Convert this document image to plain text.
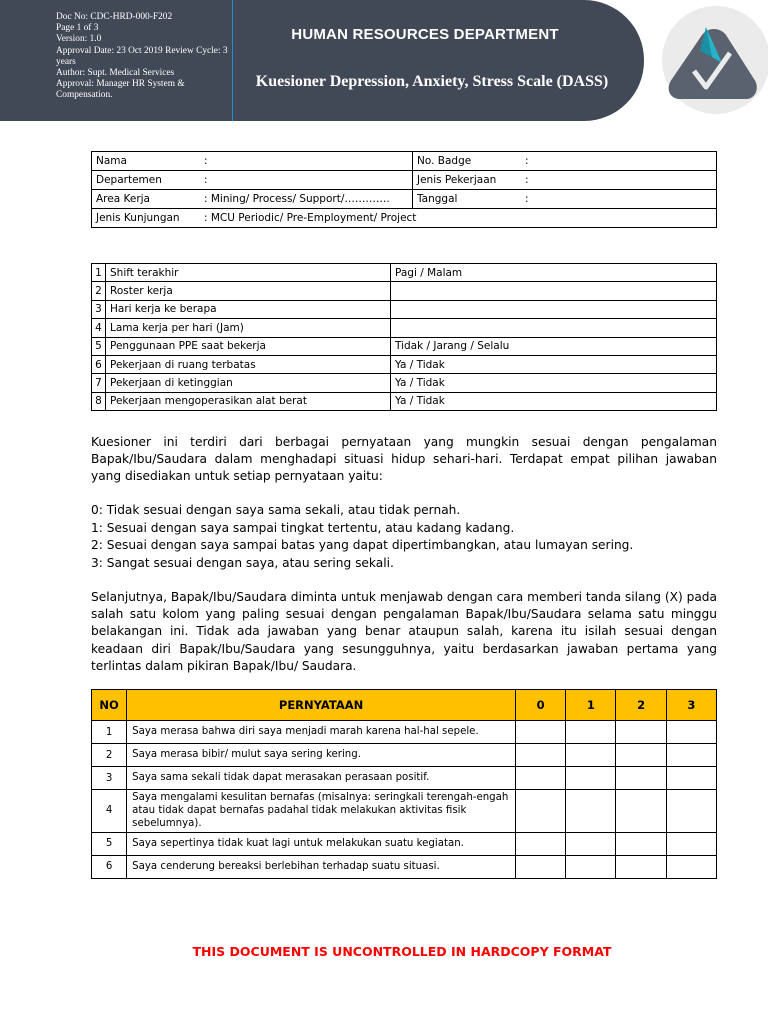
Doc No: CDC-HRD-000-F202
Page 1 of 3
Version: 1.0
Approval Date: 23 Oct 2019 Review Cycle: 3 years
Author: Supt. Medical Services
Approval: Manager HR System & Compensation.
HUMAN RESOURCES DEPARTMENT
Kuesioner Depression, Anxiety, Stress Scale (DASS)
Nama :	No. Badge :
Departemen :	Jenis Pekerjaan :
Area Kerja : Mining/ Process/ Support/………….	Tanggal :
Jenis Kunjungan : MCU Periodic/ Pre-Employment/ Project	
1	Shift terakhir	Pagi / Malam
2	Roster kerja	
3	Hari kerja ke berapa	
4	Lama kerja per hari (Jam)	
5	Penggunaan PPE saat bekerja	Tidak / Jarang / Selalu
6	Pekerjaan di ruang terbatas	Ya / Tidak
7	Pekerjaan di ketinggian	Ya / Tidak
8	Pekerjaan mengoperasikan alat berat	Ya / Tidak
Kuesioner ini terdiri dari berbagai pernyataan yang mungkin sesuai dengan pengalaman Bapak/Ibu/Saudara dalam menghadapi situasi hidup sehari-hari. Terdapat empat pilihan jawaban yang disediakan untuk setiap pernyataan yaitu:
0: Tidak sesuai dengan saya sama sekali, atau tidak pernah.
1: Sesuai dengan saya sampai tingkat tertentu, atau kadang kadang.
2: Sesuai dengan saya sampai batas yang dapat dipertimbangkan, atau lumayan sering.
3: Sangat sesuai dengan saya, atau sering sekali.
Selanjutnya, Bapak/Ibu/Saudara diminta untuk menjawab dengan cara memberi tanda silang (X) pada salah satu kolom yang paling sesuai dengan pengalaman Bapak/Ibu/Saudara selama satu minggu belakangan ini. Tidak ada jawaban yang benar ataupun salah, karena itu isilah sesuai dengan keadaan diri Bapak/Ibu/Saudara yang sesungguhnya, yaitu berdasarkan jawaban pertama yang terlintas dalam pikiran Bapak/Ibu/ Saudara.
NO	PERNYATAAN	0	1	2	3
1	Saya merasa bahwa diri saya menjadi marah karena hal-hal sepele.				
2	Saya merasa bibir/ mulut saya sering kering.				
3	Saya sama sekali tidak dapat merasakan perasaan positif.				
4	Saya mengalami kesulitan bernafas (misalnya: seringkali terengah-engah atau tidak dapat bernafas padahal tidak melakukan aktivitas fisik sebelumnya).				
5	Saya sepertinya tidak kuat lagi untuk melakukan suatu kegiatan.				
6	Saya cenderung bereaksi berlebihan terhadap suatu situasi.				
THIS DOCUMENT IS UNCONTROLLED IN HARDCOPY FORMAT
